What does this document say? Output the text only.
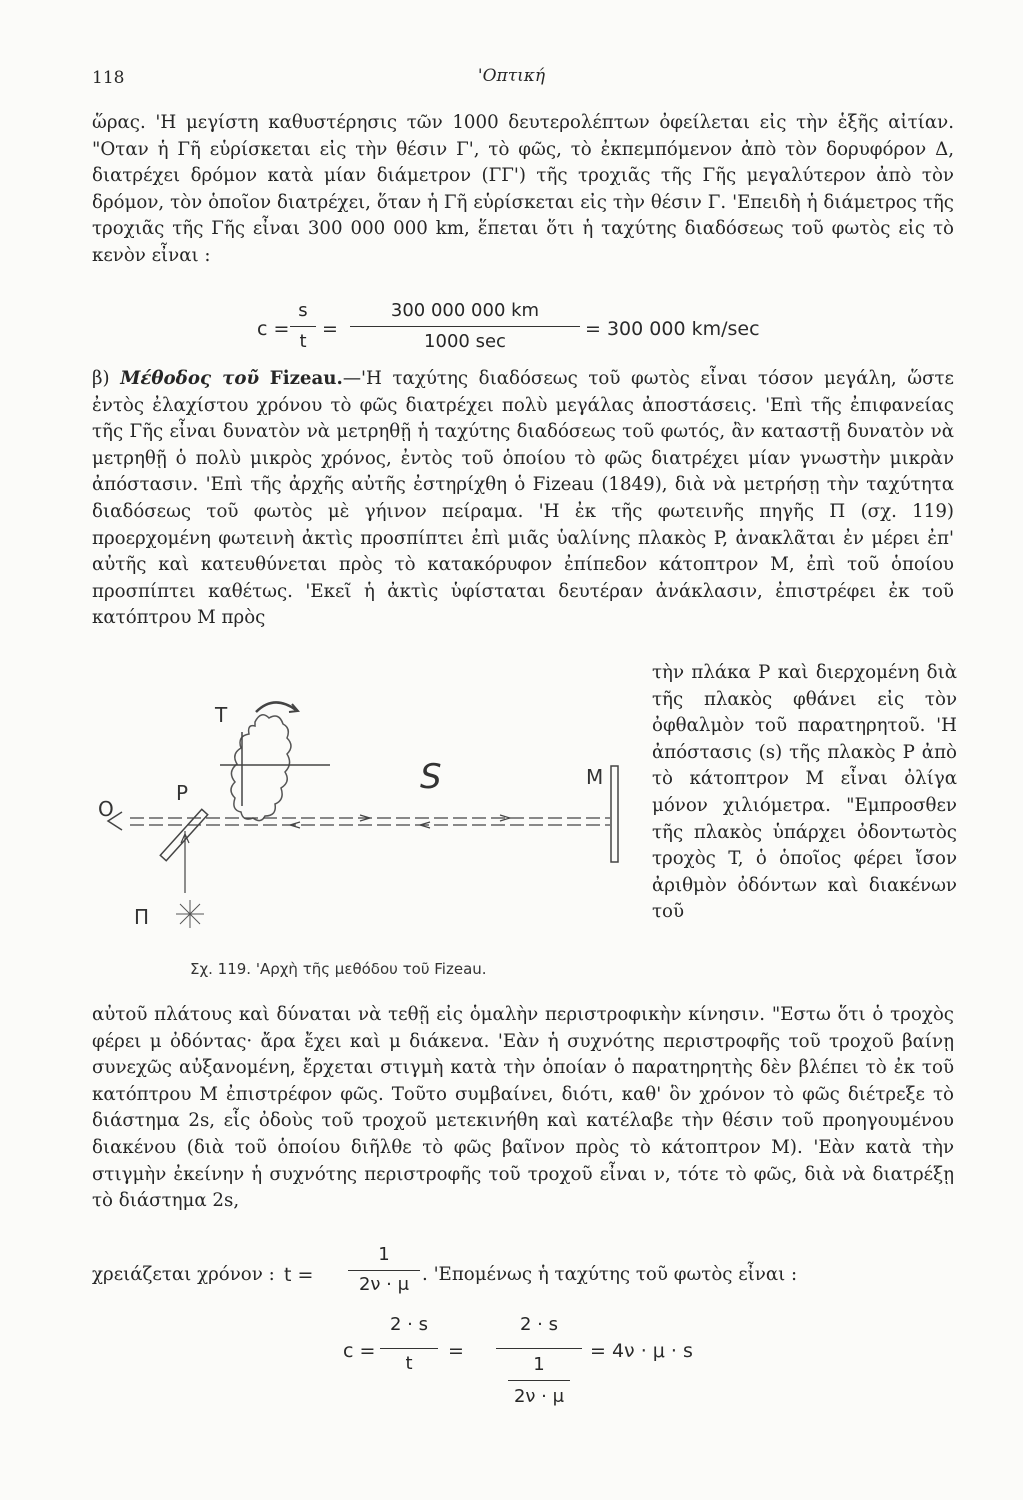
118	'Οπτική

ὥρας. 'Η μεγίστη καθυστέρησις τῶν 1000 δευτερολέπτων ὀφείλεται εἰς τὴν ἑξῆς αἰτίαν. "Οταν ἡ Γῆ εὑρίσκεται εἰς τὴν θέσιν Γ', τὸ φῶς, τὸ ἐκπεμπόμενον ἀπὸ τὸν δορυφόρον Δ, διατρέχει δρόμον κατὰ μίαν διάμετρον (ΓΓ') τῆς τροχιᾶς τῆς Γῆς μεγαλύτερον ἀπὸ τὸν δρόμον, τὸν ὁποῖον διατρέχει, ὅταν ἡ Γῆ εὑρίσκεται εἰς τὴν θέσιν Γ. 'Επειδὴ ἡ διάμετρος τῆς τροχιᾶς τῆς Γῆς εἶναι 300 000 000 km, ἕπεται ὅτι ἡ ταχύτης διαδόσεως τοῦ φωτὸς εἰς τὸ κενὸν εἶναι :

c =
s
t
=
300 000 000 km
1000 sec
= 300 000 km/sec

β) Μέθοδος τοῦ Fizeau.—'Η ταχύτης διαδόσεως τοῦ φωτὸς εἶναι τόσον μεγάλη, ὥστε ἐντὸς ἐλαχίστου χρόνου τὸ φῶς διατρέχει πολὺ μεγάλας ἀποστάσεις. 'Επὶ τῆς ἐπιφανείας τῆς Γῆς εἶναι δυνατὸν νὰ μετρηθῇ ἡ ταχύτης διαδόσεως τοῦ φωτός, ἂν καταστῇ δυνατὸν νὰ μετρηθῇ ὁ πολὺ μικρὸς χρόνος, ἐντὸς τοῦ ὁποίου τὸ φῶς διατρέχει μίαν γνωστὴν μικρὰν ἀπόστασιν. 'Επὶ τῆς ἀρχῆς αὐτῆς ἐστηρίχθη ὁ Fizeau (1849), διὰ νὰ μετρήσῃ τὴν ταχύτητα διαδόσεως τοῦ φωτὸς μὲ γήινον πείραμα. 'Η ἐκ τῆς φωτεινῆς πηγῆς Π (σχ. 119) προερχομένη φωτεινὴ ἀκτὶς προσπίπτει ἐπὶ μιᾶς ὑαλίνης πλακὸς P, ἀνακλᾶται ἐν μέρει ἐπ' αὐτῆς καὶ κατευθύνεται πρὸς τὸ κατακόρυφον ἐπίπεδον κάτοπτρον M, ἐπὶ τοῦ ὁποίου προσπίπτει καθέτως. 'Εκεῖ ἡ ἀκτὶς ὑφίσταται δευτέραν ἀνάκλασιν, ἐπιστρέφει ἐκ τοῦ κατόπτρου M πρὸς

T
O
P	S	M
Π
Σχ. 119. 'Αρχὴ τῆς μεθόδου τοῦ Fizeau.

τὴν πλάκα P καὶ διερχομένη διὰ τῆς πλακὸς φθάνει εἰς τὸν ὀφθαλμὸν τοῦ παρατηρητοῦ. 'Η ἀπόστασις (s) τῆς πλακὸς P ἀπὸ τὸ κάτοπτρον M εἶναι ὀλίγα μόνον χιλιόμετρα. "Εμπροσθεν τῆς πλακὸς ὑπάρχει ὀδοντωτὸς τροχὸς T, ὁ ὁποῖος φέρει ἴσον ἀριθμὸν ὀδόντων καὶ διακένων τοῦ

αὐτοῦ πλάτους καὶ δύναται νὰ τεθῇ εἰς ὁμαλὴν περιστροφικὴν κίνησιν. "Εστω ὅτι ὁ τροχὸς φέρει μ ὀδόντας· ἄρα ἔχει καὶ μ διάκενα. 'Εὰν ἡ συχνότης περιστροφῆς τοῦ τροχοῦ βαίνῃ συνεχῶς αὐξανομένη, ἔρχεται στιγμὴ κατὰ τὴν ὁποίαν ὁ παρατηρητὴς δὲν βλέπει τὸ ἐκ τοῦ κατόπτρου M ἐπιστρέφον φῶς. Τοῦτο συμβαίνει, διότι, καθ' ὃν χρόνον τὸ φῶς διέτρεξε τὸ διάστημα 2s, εἷς ὀδοὺς τοῦ τροχοῦ μετεκινήθη καὶ κατέλαβε τὴν θέσιν τοῦ προηγουμένου διακένου (διὰ τοῦ ὁποίου διῆλθε τὸ φῶς βαῖνον πρὸς τὸ κάτοπτρον M). 'Εὰν κατὰ τὴν στιγμὴν ἐκείνην ἡ συχνότης περιστροφῆς τοῦ τροχοῦ εἶναι ν, τότε τὸ φῶς, διὰ νὰ διατρέξῃ τὸ διάστημα 2s,

χρειάζεται χρόνον : t =
1
2ν · μ . 'Επομένως ἡ ταχύτης τοῦ φωτὸς εἶναι :
c =
2 · s
t
=
2 · s
1
2ν · μ
= 4ν · μ · s
